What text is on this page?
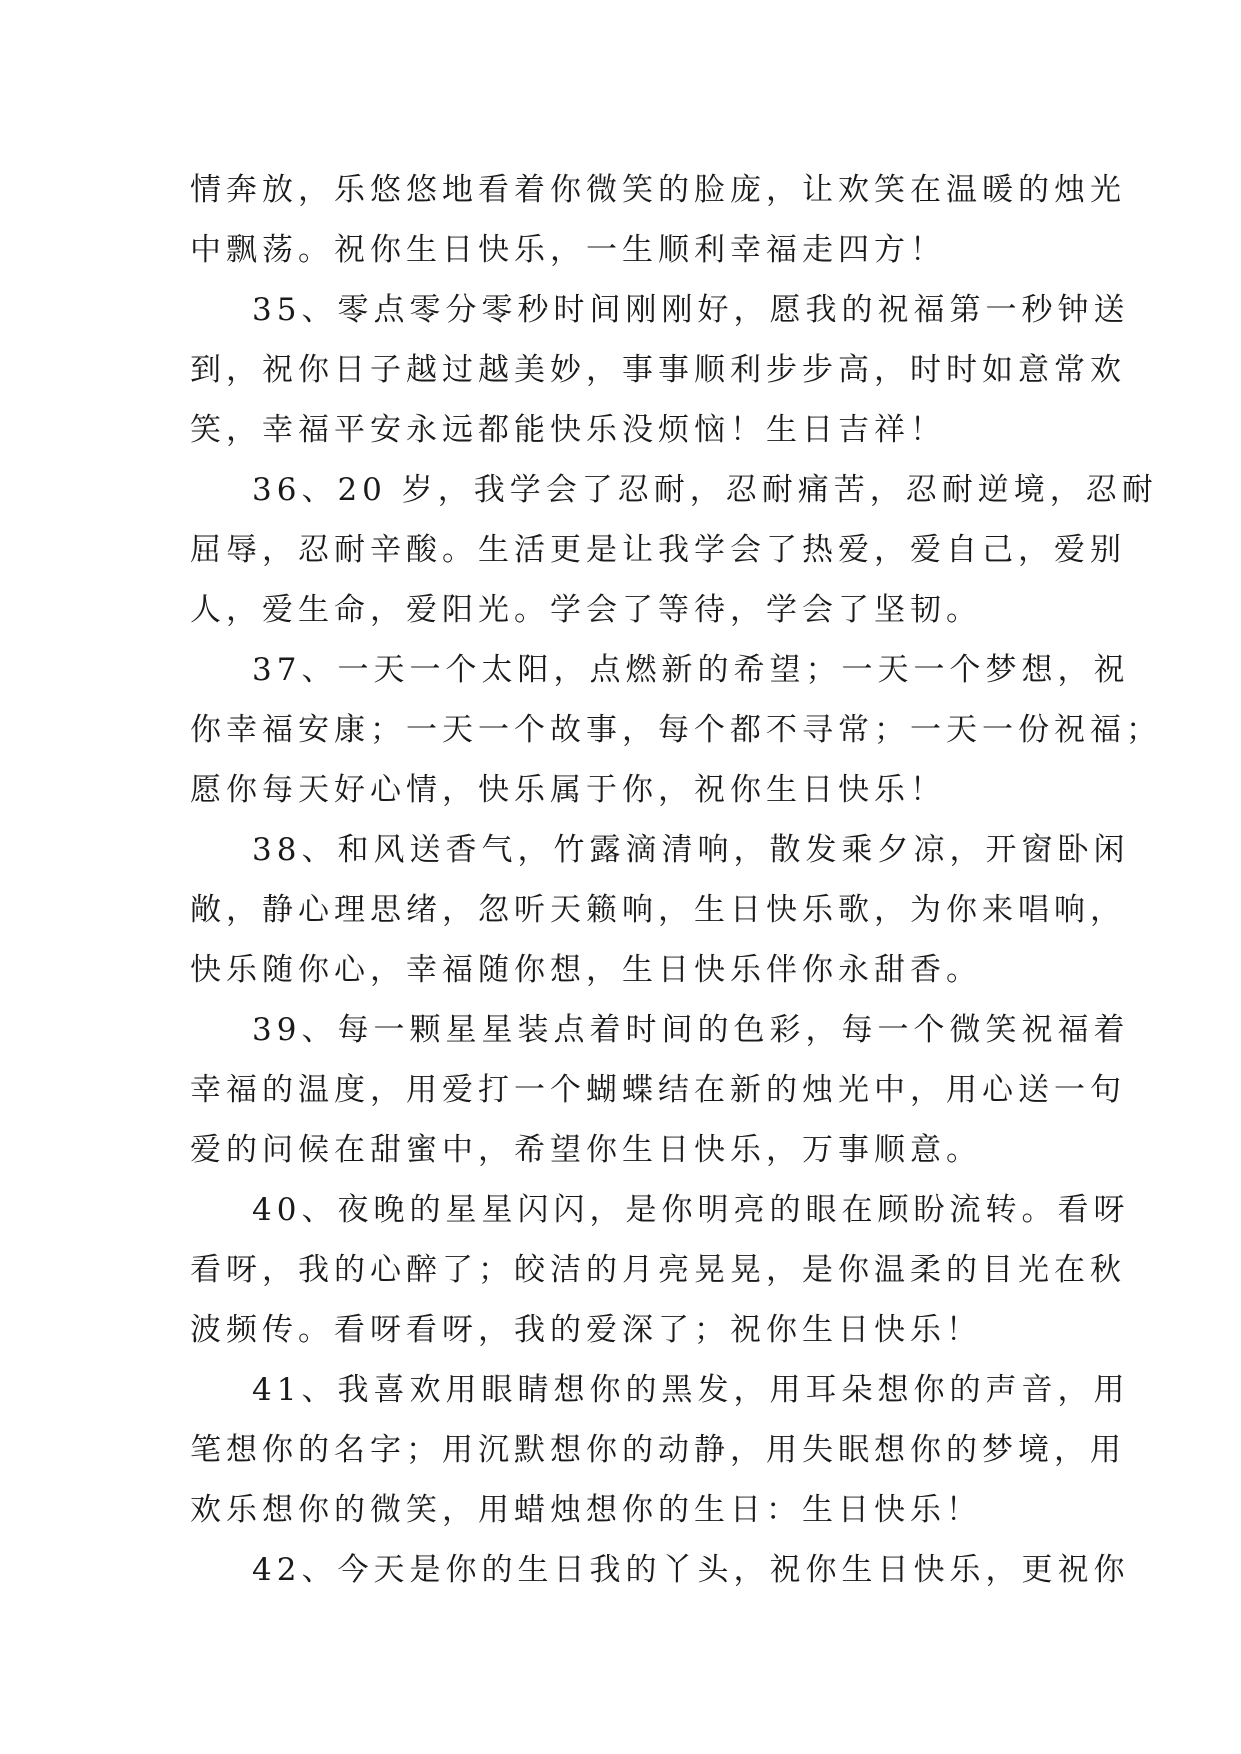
情奔放，乐悠悠地看着你微笑的脸庞，让欢笑在温暖的烛光
中飘荡。祝你生日快乐，一生顺利幸福走四方！

35、零点零分零秒时间刚刚好，愿我的祝福第一秒钟送
到，祝你日子越过越美妙，事事顺利步步高，时时如意常欢
笑，幸福平安永远都能快乐没烦恼！生日吉祥！

36、20 岁，我学会了忍耐，忍耐痛苦，忍耐逆境，忍耐
屈辱，忍耐辛酸。生活更是让我学会了热爱，爱自己，爱别
人，爱生命，爱阳光。学会了等待，学会了坚韧。

37、一天一个太阳，点燃新的希望；一天一个梦想，祝
你幸福安康；一天一个故事，每个都不寻常；一天一份祝福；
愿你每天好心情，快乐属于你，祝你生日快乐！

38、和风送香气，竹露滴清响，散发乘夕凉，开窗卧闲
敞，静心理思绪，忽听天籁响，生日快乐歌，为你来唱响，
快乐随你心，幸福随你想，生日快乐伴你永甜香。

39、每一颗星星装点着时间的色彩，每一个微笑祝福着
幸福的温度，用爱打一个蝴蝶结在新的烛光中，用心送一句
爱的问候在甜蜜中，希望你生日快乐，万事顺意。

40、夜晚的星星闪闪，是你明亮的眼在顾盼流转。看呀
看呀，我的心醉了；皎洁的月亮晃晃，是你温柔的目光在秋
波频传。看呀看呀，我的爱深了；祝你生日快乐！

41、我喜欢用眼睛想你的黑发，用耳朵想你的声音，用
笔想你的名字；用沉默想你的动静，用失眠想你的梦境，用
欢乐想你的微笑，用蜡烛想你的生日：生日快乐！

42、今天是你的生日我的丫头，祝你生日快乐，更祝你
